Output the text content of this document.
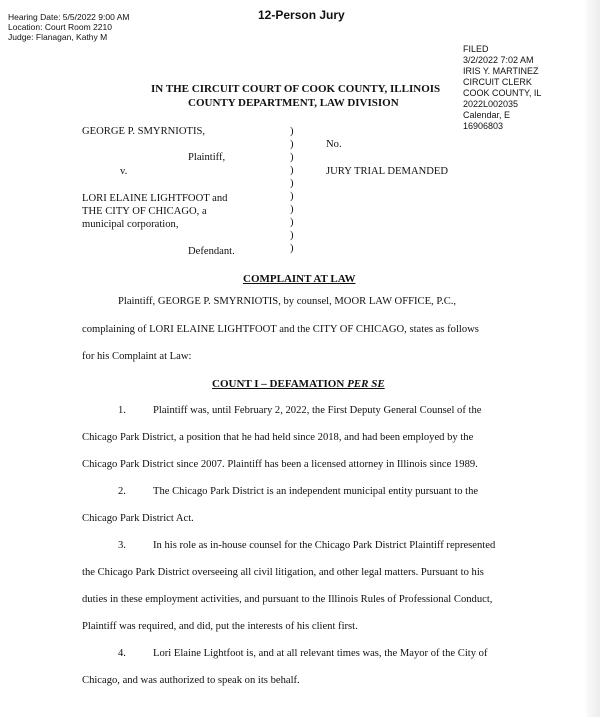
Hearing Date: 5/5/2022 9:00 AM
Location: Court Room 2210
Judge: Flanagan, Kathy M
12-Person Jury
FILED
3/2/2022 7:02 AM
IRIS Y. MARTINEZ
CIRCUIT CLERK
COOK COUNTY, IL
2022L002035
Calendar, E
16906803
IN THE CIRCUIT COURT OF COOK COUNTY, ILLINOIS
COUNTY DEPARTMENT, LAW DIVISION
GEORGE P. SMYRNIOTIS,
Plaintiff,
v.
LORI ELAINE LIGHTFOOT and
THE CITY OF CHICAGO, a
municipal corporation,
Defendant.
)
)
)
)
)
)
)
)
)
)
No.
JURY TRIAL DEMANDED
COMPLAINT AT LAW
Plaintiff, GEORGE P. SMYRNIOTIS, by counsel, MOOR LAW OFFICE, P.C.,
complaining of LORI ELAINE LIGHTFOOT and the CITY OF CHICAGO, states as follows
for his Complaint at Law:
COUNT I – DEFAMATION PER SE
1.	Plaintiff was, until February 2, 2022, the First Deputy General Counsel of the
Chicago Park District, a position that he had held since 2018, and had been employed by the
Chicago Park District since 2007. Plaintiff has been a licensed attorney in Illinois since 1989.
2.	The Chicago Park District is an independent municipal entity pursuant to the
Chicago Park District Act.
3.	In his role as in-house counsel for the Chicago Park District Plaintiff represented
the Chicago Park District overseeing all civil litigation, and other legal matters. Pursuant to his
duties in these employment activities, and pursuant to the Illinois Rules of Professional Conduct,
Plaintiff was required, and did, put the interests of his client first.
4.	Lori Elaine Lightfoot is, and at all relevant times was, the Mayor of the City of
Chicago, and was authorized to speak on its behalf.
